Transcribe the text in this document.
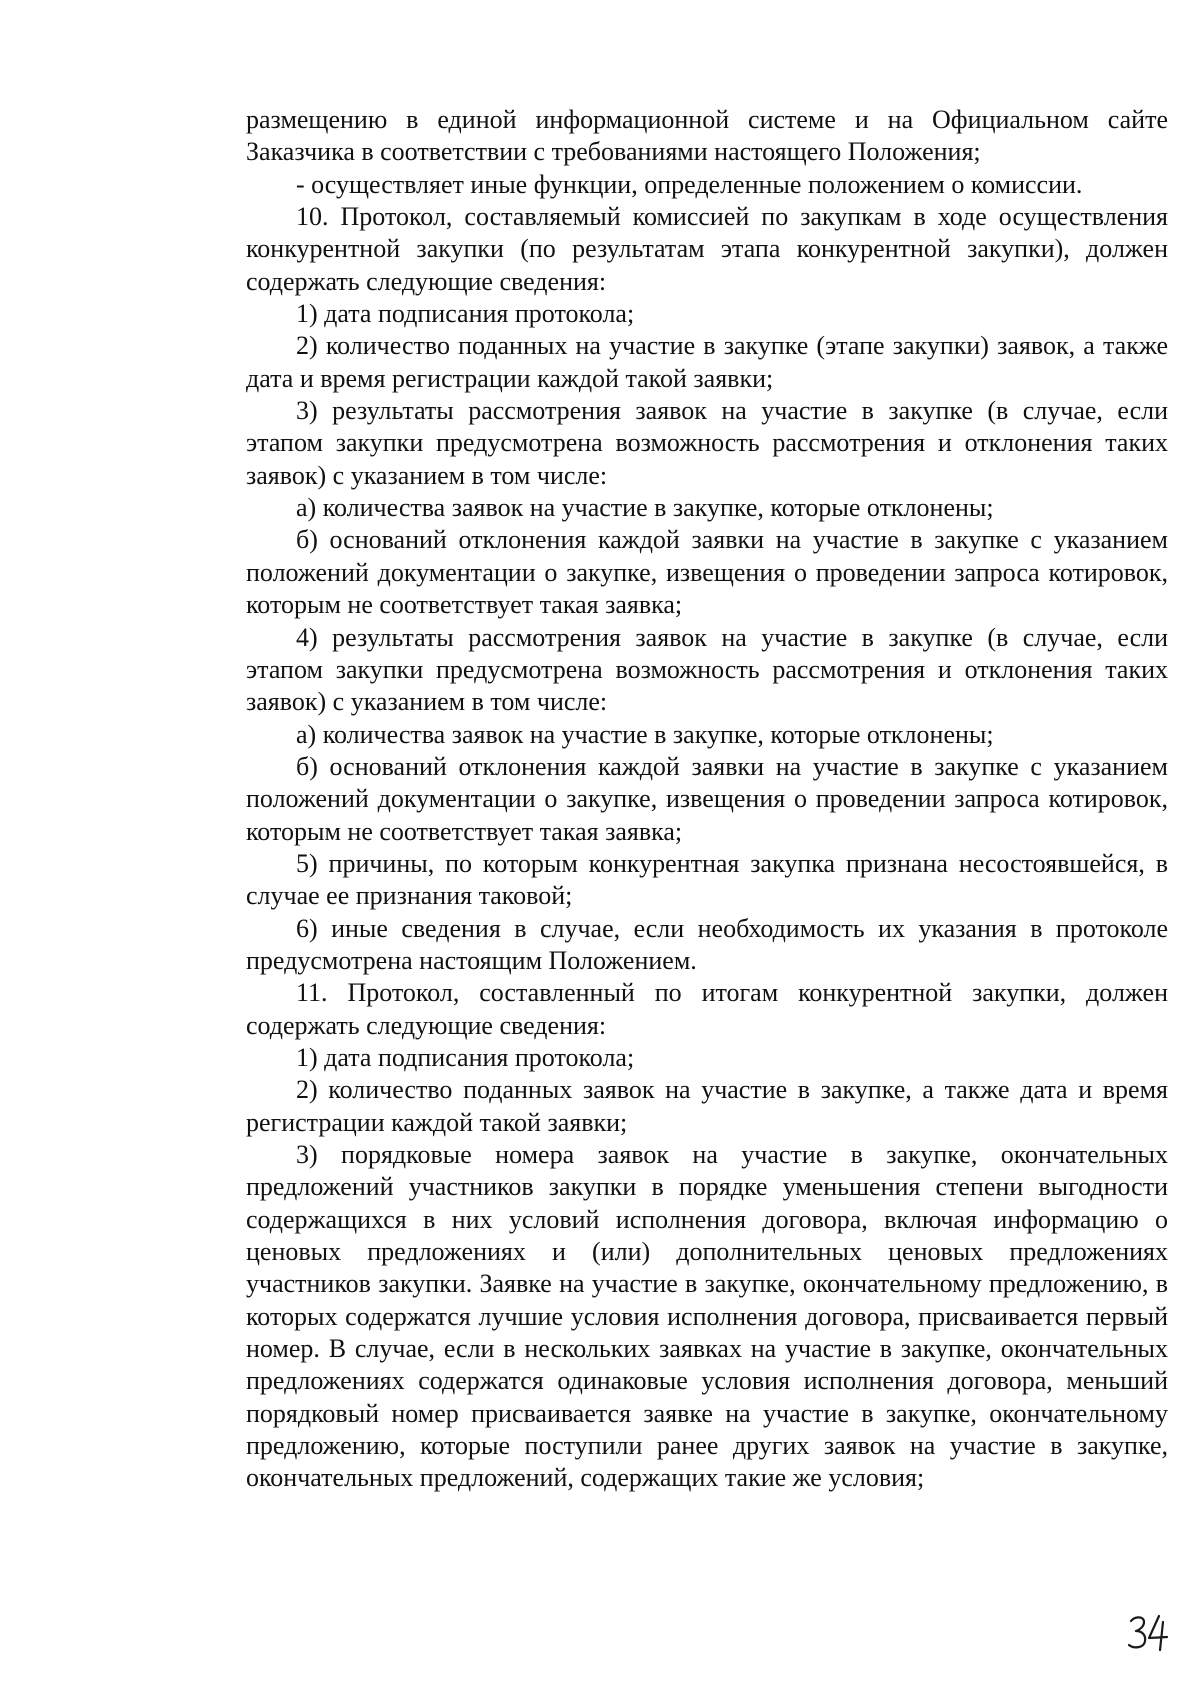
размещению в единой информационной системе и на Официальном сайте Заказчика в соответствии с требованиями настоящего Положения;

- осуществляет иные функции, определенные положением о комиссии.

10. Протокол, составляемый комиссией по закупкам в ходе осуществления конкурентной закупки (по результатам этапа конкурентной закупки), должен содержать следующие сведения:

1) дата подписания протокола;

2) количество поданных на участие в закупке (этапе закупки) заявок, а также дата и время регистрации каждой такой заявки;

3) результаты рассмотрения заявок на участие в закупке (в случае, если этапом закупки предусмотрена возможность рассмотрения и отклонения таких заявок) с указанием в том числе:

а) количества заявок на участие в закупке, которые отклонены;

б) оснований отклонения каждой заявки на участие в закупке с указанием положений документации о закупке, извещения о проведении запроса котировок, которым не соответствует такая заявка;

4) результаты рассмотрения заявок на участие в закупке (в случае, если этапом закупки предусмотрена возможность рассмотрения и отклонения таких заявок) с указанием в том числе:

а) количества заявок на участие в закупке, которые отклонены;

б) оснований отклонения каждой заявки на участие в закупке с указанием положений документации о закупке, извещения о проведении запроса котировок, которым не соответствует такая заявка;

5) причины, по которым конкурентная закупка признана несостоявшейся, в случае ее признания таковой;

6) иные сведения в случае, если необходимость их указания в протоколе предусмотрена настоящим Положением.

11. Протокол, составленный по итогам конкурентной закупки, должен содержать следующие сведения:

1) дата подписания протокола;

2) количество поданных заявок на участие в закупке, а также дата и время регистрации каждой такой заявки;

3) порядковые номера заявок на участие в закупке, окончательных предложений участников закупки в порядке уменьшения степени выгодности содержащихся в них условий исполнения договора, включая информацию о ценовых предложениях и (или) дополнительных ценовых предложениях участников закупки. Заявке на участие в закупке, окончательному предложению, в которых содержатся лучшие условия исполнения договора, присваивается первый номер. В случае, если в нескольких заявках на участие в закупке, окончательных предложениях содержатся одинаковые условия исполнения договора, меньший порядковый номер присваивается заявке на участие в закупке, окончательному предложению, которые поступили ранее других заявок на участие в закупке, окончательных предложений, содержащих такие же условия;
